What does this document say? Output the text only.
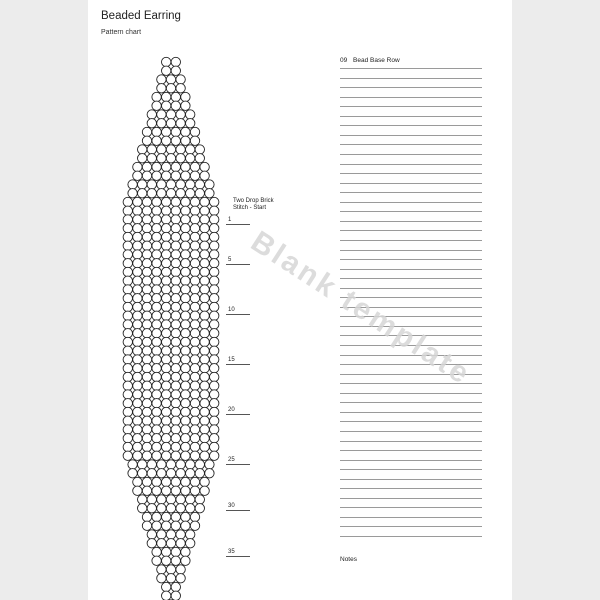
Beaded Earring
Pattern chart
Two Drop Brick
Stitch - Start
1
5
10
15
20
25
30
35
09 Bead Base Row
Notes
Blank template
